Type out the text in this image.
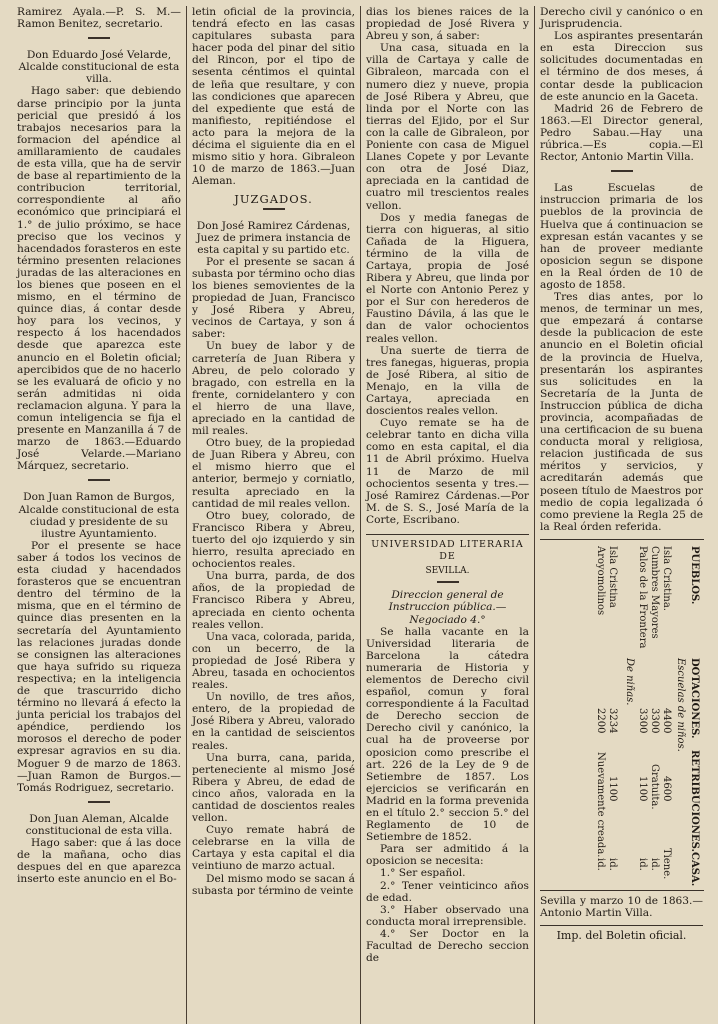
Ramirez Ayala.—P. S. M.—Ramon Benitez, secretario.

Don Eduardo José Velarde, Alcalde constitucional de esta villa.

Hago saber: que debiendo darse principio por la junta pericial que presidó á los trabajos necesarios para la formacion del apéndice al amillaramiento de caudales de esta villa, que ha de servir de base al repartimiento de la contribucion territorial, correspondiente al año económico que principiará el 1.° de julio próximo, se hace preciso que los vecinos y hacendados forasteros en este término presenten relaciones juradas de las alteraciones en los bienes que poseen en el mismo, en el término de quince dias, á contar desde hoy para los vecinos, y respecto á los hacendados desde que aparezca este anuncio en el Boletin oficial; apercibidos que de no hacerlo se les evaluará de oficio y no serán admitidas ni oida reclamacion alguna. Y para la comun inteligencia se fija el presente en Manzanilla á 7 de marzo de 1863.—Eduardo José Velarde.—Mariano Márquez, secretario.

Don Juan Ramon de Burgos, Alcalde constitucional de esta ciudad y presidente de su ilustre Ayuntamiento.

Por el presente se hace saber á todos los vecinos de esta ciudad y hacendados forasteros que se encuentran dentro del término de la misma, que en el término de quince dias presenten en la secretaría del Ayuntamiento las relaciones juradas donde se consignen las alteraciones que haya sufrido su riqueza respectiva; en la inteligencia de que trascurrido dicho término no llevará á efecto la junta pericial los trabajos del apéndice, perdiendo los morosos el derecho de poder expresar agravios en su dia. Moguer 9 de marzo de 1863.—Juan Ramon de Burgos.—Tomás Rodriguez, secretario.

Don Juan Aleman, Alcalde constitucional de esta villa.

Hago saber: que á las doce de la mañana, ocho dias despues del en que aparezca inserto este anuncio en el Bo-

letin oficial de la provincia, tendrá efecto en las casas capitulares subasta para hacer poda del pinar del sitio del Rincon, por el tipo de sesenta céntimos el quintal de leña que resultare, y con las condiciones que aparecen del expediente que está de manifiesto, repitiéndose el acto para la mejora de la décima el siguiente dia en el mismo sitio y hora. Gibraleon 10 de marzo de 1863.—Juan Aleman.

JUZGADOS.

Don José Ramirez Cárdenas, Juez de primera instancia de esta capital y su partido etc.

Por el presente se sacan á subasta por término ocho dias los bienes semovientes de la propiedad de Juan, Francisco y José Ribera y Abreu, vecinos de Cartaya, y son á saber:

Un buey de labor y de carretería de Juan Ribera y Abreu, de pelo colorado y bragado, con estrella en la frente, cornidelantero y con el hierro de una llave, apreciado en la cantidad de mil reales.

Otro buey, de la propiedad de Juan Ribera y Abreu, con el mismo hierro que el anterior, bermejo y corniatlo, resulta apreciado en la cantidad de mil reales vellon.

Otro buey, colorado, de Francisco Ribera y Abreu, tuerto del ojo izquierdo y sin hierro, resulta apreciado en ochocientos reales.

Una burra, parda, de dos años, de la propiedad de Francisco Ribera y Abreu, apreciada en ciento ochenta reales vellon.

Una vaca, colorada, parida, con un becerro, de la propiedad de José Ribera y Abreu, tasada en ochocientos reales.

Un novillo, de tres años, entero, de la propiedad de José Ribera y Abreu, valorado en la cantidad de seiscientos reales.

Una burra, cana, parida, perteneciente al mismo José Ribera y Abreu, de edad de cinco años, valorada en la cantidad de doscientos reales vellon.

Cuyo remate habrá de celebrarse en la villa de Cartaya y esta capital el dia veintiuno de marzo actual.

Del mismo modo se sacan á subasta por término de veinte

dias los bienes raices de la propiedad de José Rivera y Abreu y son, á saber:

Una casa, situada en la villa de Cartaya y calle de Gibraleon, marcada con el numero diez y nueve, propia de José Ribera y Abreu, que linda por el Norte con las tierras del Ejido, por el Sur con la calle de Gibraleon, por Poniente con casa de Miguel Llanes Copete y por Levante con otra de José Diaz, apreciada en la cantidad de cuatro mil trescientos reales vellon.

Dos y media fanegas de tierra con higueras, al sitio Cañada de la Higuera, término de la villa de Cartaya, propia de José Ribera y Abreu, que linda por el Norte con Antonio Perez y por el Sur con herederos de Faustino Dávila, á las que le dan de valor ochocientos reales vellon.

Una suerte de tierra de tres fanegas, higueras, propia de José Ribera, al sitio de Menajo, en la villa de Cartaya, apreciada en doscientos reales vellon.

Cuyo remate se ha de celebrar tanto en dicha villa como en esta capital, el dia 11 de Abril próximo. Huelva 11 de Marzo de mil ochocientos sesenta y tres.—José Ramirez Cárdenas.—Por M. de S. S., José María de la Corte, Escribano.

UNIVERSIDAD LITERARIA DE
SEVILLA.

Direccion general de Instruccion pública.—Negociado 4.°

Se halla vacante en la Universidad literaria de Barcelona la cátedra numeraria de Historia y elementos de Derecho civil español, comun y foral correspondiente á la Facultad de Derecho seccion de Derecho civil y canónico, la cual ha de proveerse por oposicion como prescribe el art. 226 de la Ley de 9 de Setiembre de 1857. Los ejercicios se verificarán en Madrid en la forma prevenida en el título 2.° seccion 5.° del Reglamento de 10 de Setiembre de 1852.

Para ser admitido á la oposicion se necesita:

1.° Ser español.

2.° Tener veinticinco años de edad.

3.° Haber observado una conducta moral irreprensible.

4.° Ser Doctor en la Facultad de Derecho seccion de

Derecho civil y canónico o en Jurisprudencia.

Los aspirantes presentarán en esta Direccion sus solicitudes documentadas en el término de dos meses, á contar desde la publicacion de este anuncio en la Gaceta.

Madrid 26 de Febrero de 1863.—El Director general, Pedro Sabau.—Hay una rúbrica.—Es copia.—El Rector, Antonio Martin Villa.

Las Escuelas de instruccion primaria de los pueblos de la provincia de Huelva que á continuacion se expresan están vacantes y se han de proveer mediante oposicion segun se dispone en la Real órden de 10 de agosto de 1858.

Tres dias antes, por lo menos, de terminar un mes, que empezará á contarse desde la publicacion de este anuncio en el Boletin oficial de la provincia de Huelva, presentarán los aspirantes sus solicitudes en la Secretaría de la Junta de Instruccion pública de dicha provincia, acompañadas de una certificacion de su buena conducta moral y religiosa, relacion justificada de sus méritos y servicios, y acreditarán además que poseen título de Maestros por medio de copia legalizada ó como previene la Regla 25 de la Real órden referida.

PUEBLOS.
DOTACIONES.
RETRIBUCIONES.
CASA.
Escuelas de niños.
De niñas.
Isla Cristina.
4400
4600
Tiene.
Cumbres Mayores
3300
Gratuita.
id.
Palos de la Frontera
3300
1100
id.
Isla Cristina
3234
1100
id.
Aroyomolinos
2200
Nuevamente creada.
id.

Sevilla y marzo 10 de 1863.—Antonio Martin Villa.

Imp. del Boletin oficial.
